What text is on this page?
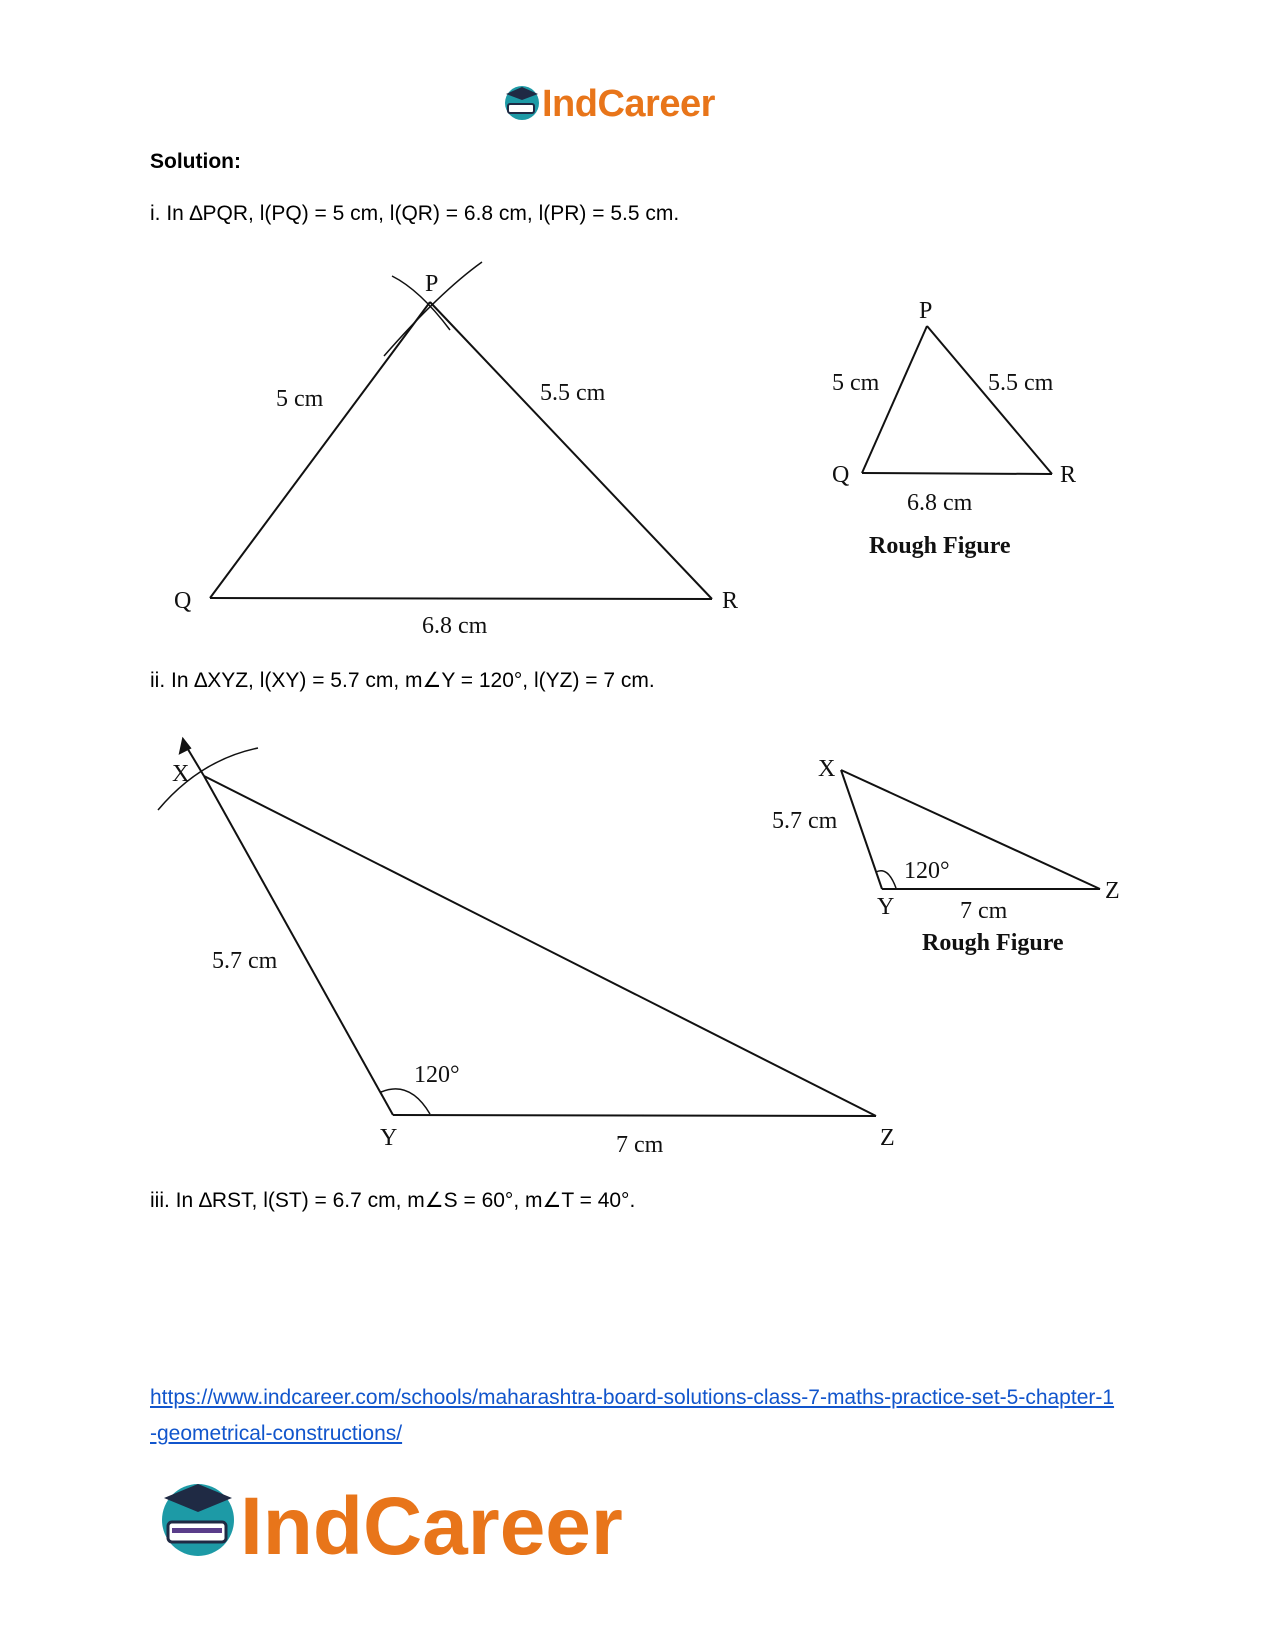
IndCareer
Solution:
i. In ∆PQR, l(PQ) = 5 cm, l(QR) = 6.8 cm, l(PR) = 5.5 cm.
P
Q	R
5 cm	5.5 cm
6.8 cm
P
Q	R
5 cm	5.5 cm
6.8 cm
Rough Figure
X
Y	Z
5.7 cm
120°
7 cm
X
Y
Z
5.7 cm
120°
7 cm
Rough Figure
ii. In ∆XYZ, l(XY) = 5.7 cm, m∠Y = 120°, l(YZ) = 7 cm.
iii. In ∆RST, l(ST) = 6.7 cm, m∠S = 60°, m∠T = 40°.
https://www.indcareer.com/schools/maharashtra-board-solutions-class-7-maths-practice-set-5-chapter-1-geometrical-constructions/
IndCareer
